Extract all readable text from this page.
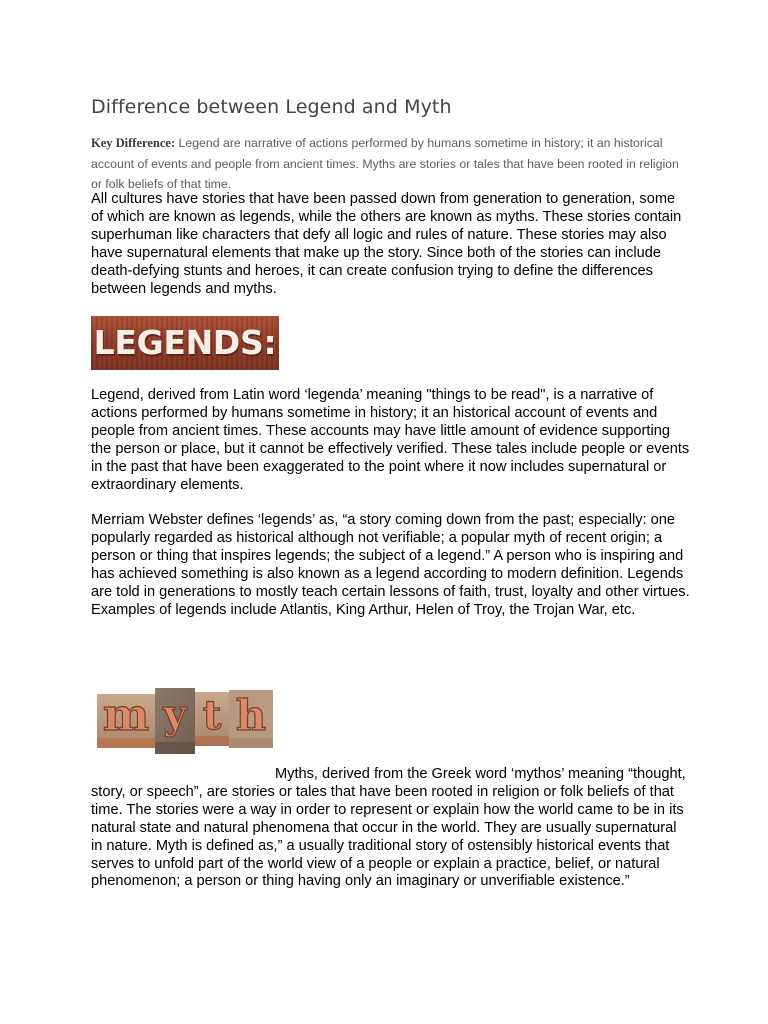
Difference between Legend and Myth
Key Difference: Legend are narrative of actions performed by humans sometime in history; it an historical account of events and people from ancient times. Myths are stories or tales that have been rooted in religion or folk beliefs of that time.

All cultures have stories that have been passed down from generation to generation, some of which are known as legends, while the others are known as myths. These stories contain superhuman like characters that defy all logic and rules of nature. These stories may also have supernatural elements that make up the story. Since both of the stories can include death-defying stunts and heroes, it can create confusion trying to define the differences between legends and myths.

LEGENDS:

Legend, derived from Latin word ‘legenda’ meaning "things to be read", is a narrative of actions performed by humans sometime in history; it an historical account of events and people from ancient times. These accounts may have little amount of evidence supporting the person or place, but it cannot be effectively verified. These tales include people or events in the past that have been exaggerated to the point where it now includes supernatural or extraordinary elements.

Merriam Webster defines ‘legends’ as, “a story coming down from the past; especially: one popularly regarded as historical although not verifiable; a popular myth of recent origin; a person or thing that inspires legends; the subject of a legend.” A person who is inspiring and has achieved something is also known as a legend according to modern definition. Legends are told in generations to mostly teach certain lessons of faith, trust, loyalty and other virtues. Examples of legends include Atlantis, King Arthur, Helen of Troy, the Trojan War, etc.

m y t h

Myths, derived from the Greek word ‘mythos’ meaning “thought, story, or speech”, are stories or tales that have been rooted in religion or folk beliefs of that time. The stories were a way in order to represent or explain how the world came to be in its natural state and natural phenomena that occur in the world. They are usually supernatural in nature. Myth is defined as,” a usually traditional story of ostensibly historical events that serves to unfold part of the world view of a people or explain a practice, belief, or natural phenomenon; a person or thing having only an imaginary or unverifiable existence.”
